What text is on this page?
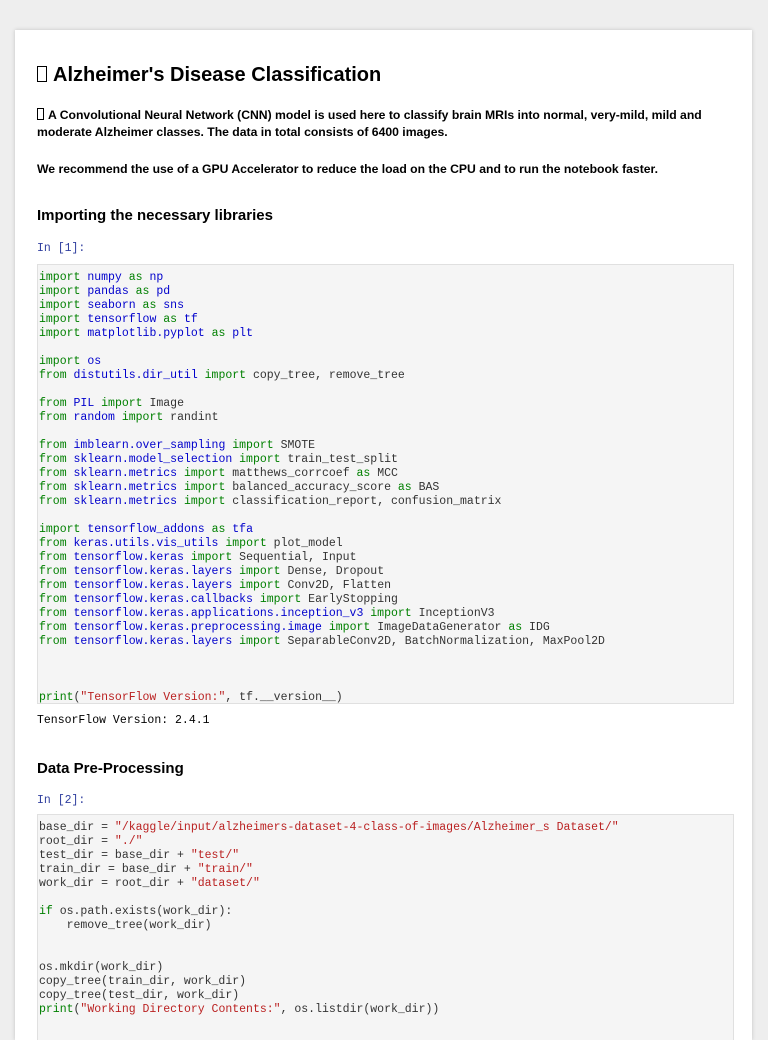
Alzheimer's Disease Classification

A Convolutional Neural Network (CNN) model is used here to classify brain MRIs into normal, very-mild, mild and moderate Alzheimer classes. The data in total consists of 6400 images.

We recommend the use of a GPU Accelerator to reduce the load on the CPU and to run the notebook faster.

Importing the necessary libraries
In [1]:
import numpy as np
import pandas as pd
import seaborn as sns
import tensorflow as tf
import matplotlib.pyplot as plt
import os
from distutils.dir_util import copy_tree, remove_tree
from PIL import Image
from random import randint
from imblearn.over_sampling import SMOTE
from sklearn.model_selection import train_test_split
from sklearn.metrics import matthews_corrcoef as MCC
from sklearn.metrics import balanced_accuracy_score as BAS
from sklearn.metrics import classification_report, confusion_matrix
import tensorflow_addons as tfa
from keras.utils.vis_utils import plot_model
from tensorflow.keras import Sequential, Input
from tensorflow.keras.layers import Dense, Dropout
from tensorflow.keras.layers import Conv2D, Flatten
from tensorflow.keras.callbacks import EarlyStopping
from tensorflow.keras.applications.inception_v3 import InceptionV3
from tensorflow.keras.preprocessing.image import ImageDataGenerator as IDG
from tensorflow.keras.layers import SeparableConv2D, BatchNormalization, MaxPool2D
print("TensorFlow Version:", tf.__version__)
TensorFlow Version: 2.4.1
Data Pre-Processing
In [2]:
base_dir = "/kaggle/input/alzheimers-dataset-4-class-of-images/Alzheimer_s Dataset/"
root_dir = "./"
test_dir = base_dir + "test/"
train_dir = base_dir + "train/"
work_dir = root_dir + "dataset/"
if os.path.exists(work_dir):
remove_tree(work_dir)
os.mkdir(work_dir)
copy_tree(train_dir, work_dir)
copy_tree(test_dir, work_dir)
print("Working Directory Contents:", os.listdir(work_dir))
